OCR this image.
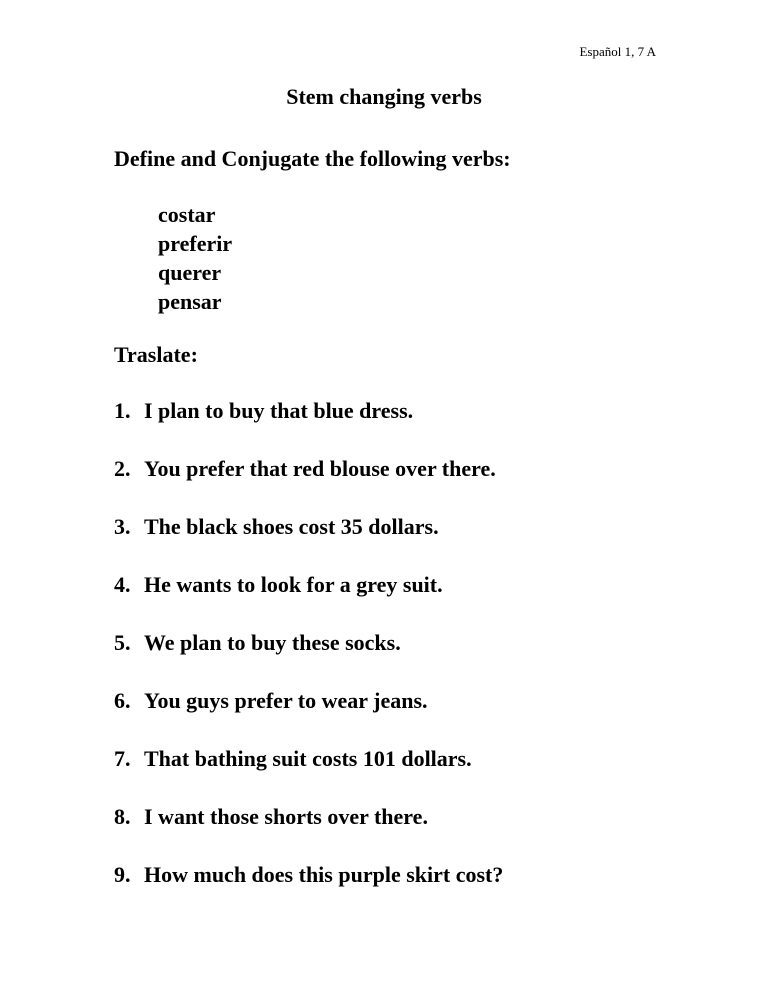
Español 1, 7 A
Stem changing verbs
Define and Conjugate the following verbs:
costar
preferir
querer
pensar
Traslate:
1. I plan to buy that blue dress.
2. You prefer that red blouse over there.
3. The black shoes cost 35 dollars.
4. He wants to look for a grey suit.
5. We plan to buy these socks.
6. You guys prefer to wear jeans.
7. That bathing suit costs 101 dollars.
8. I want those shorts over there.
9. How much does this purple skirt cost?
